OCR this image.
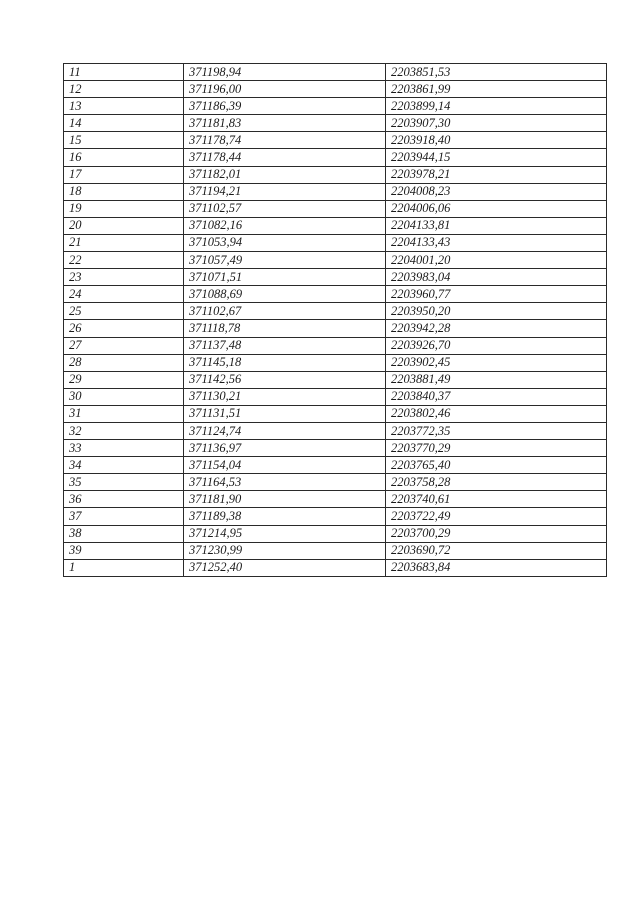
11	371198,94	2203851,53
12	371196,00	2203861,99
13	371186,39	2203899,14
14	371181,83	2203907,30
15	371178,74	2203918,40
16	371178,44	2203944,15
17	371182,01	2203978,21
18	371194,21	2204008,23
19	371102,57	2204006,06
20	371082,16	2204133,81
21	371053,94	2204133,43
22	371057,49	2204001,20
23	371071,51	2203983,04
24	371088,69	2203960,77
25	371102,67	2203950,20
26	371118,78	2203942,28
27	371137,48	2203926,70
28	371145,18	2203902,45
29	371142,56	2203881,49
30	371130,21	2203840,37
31	371131,51	2203802,46
32	371124,74	2203772,35
33	371136,97	2203770,29
34	371154,04	2203765,40
35	371164,53	2203758,28
36	371181,90	2203740,61
37	371189,38	2203722,49
38	371214,95	2203700,29
39	371230,99	2203690,72
1	371252,40	2203683,84
